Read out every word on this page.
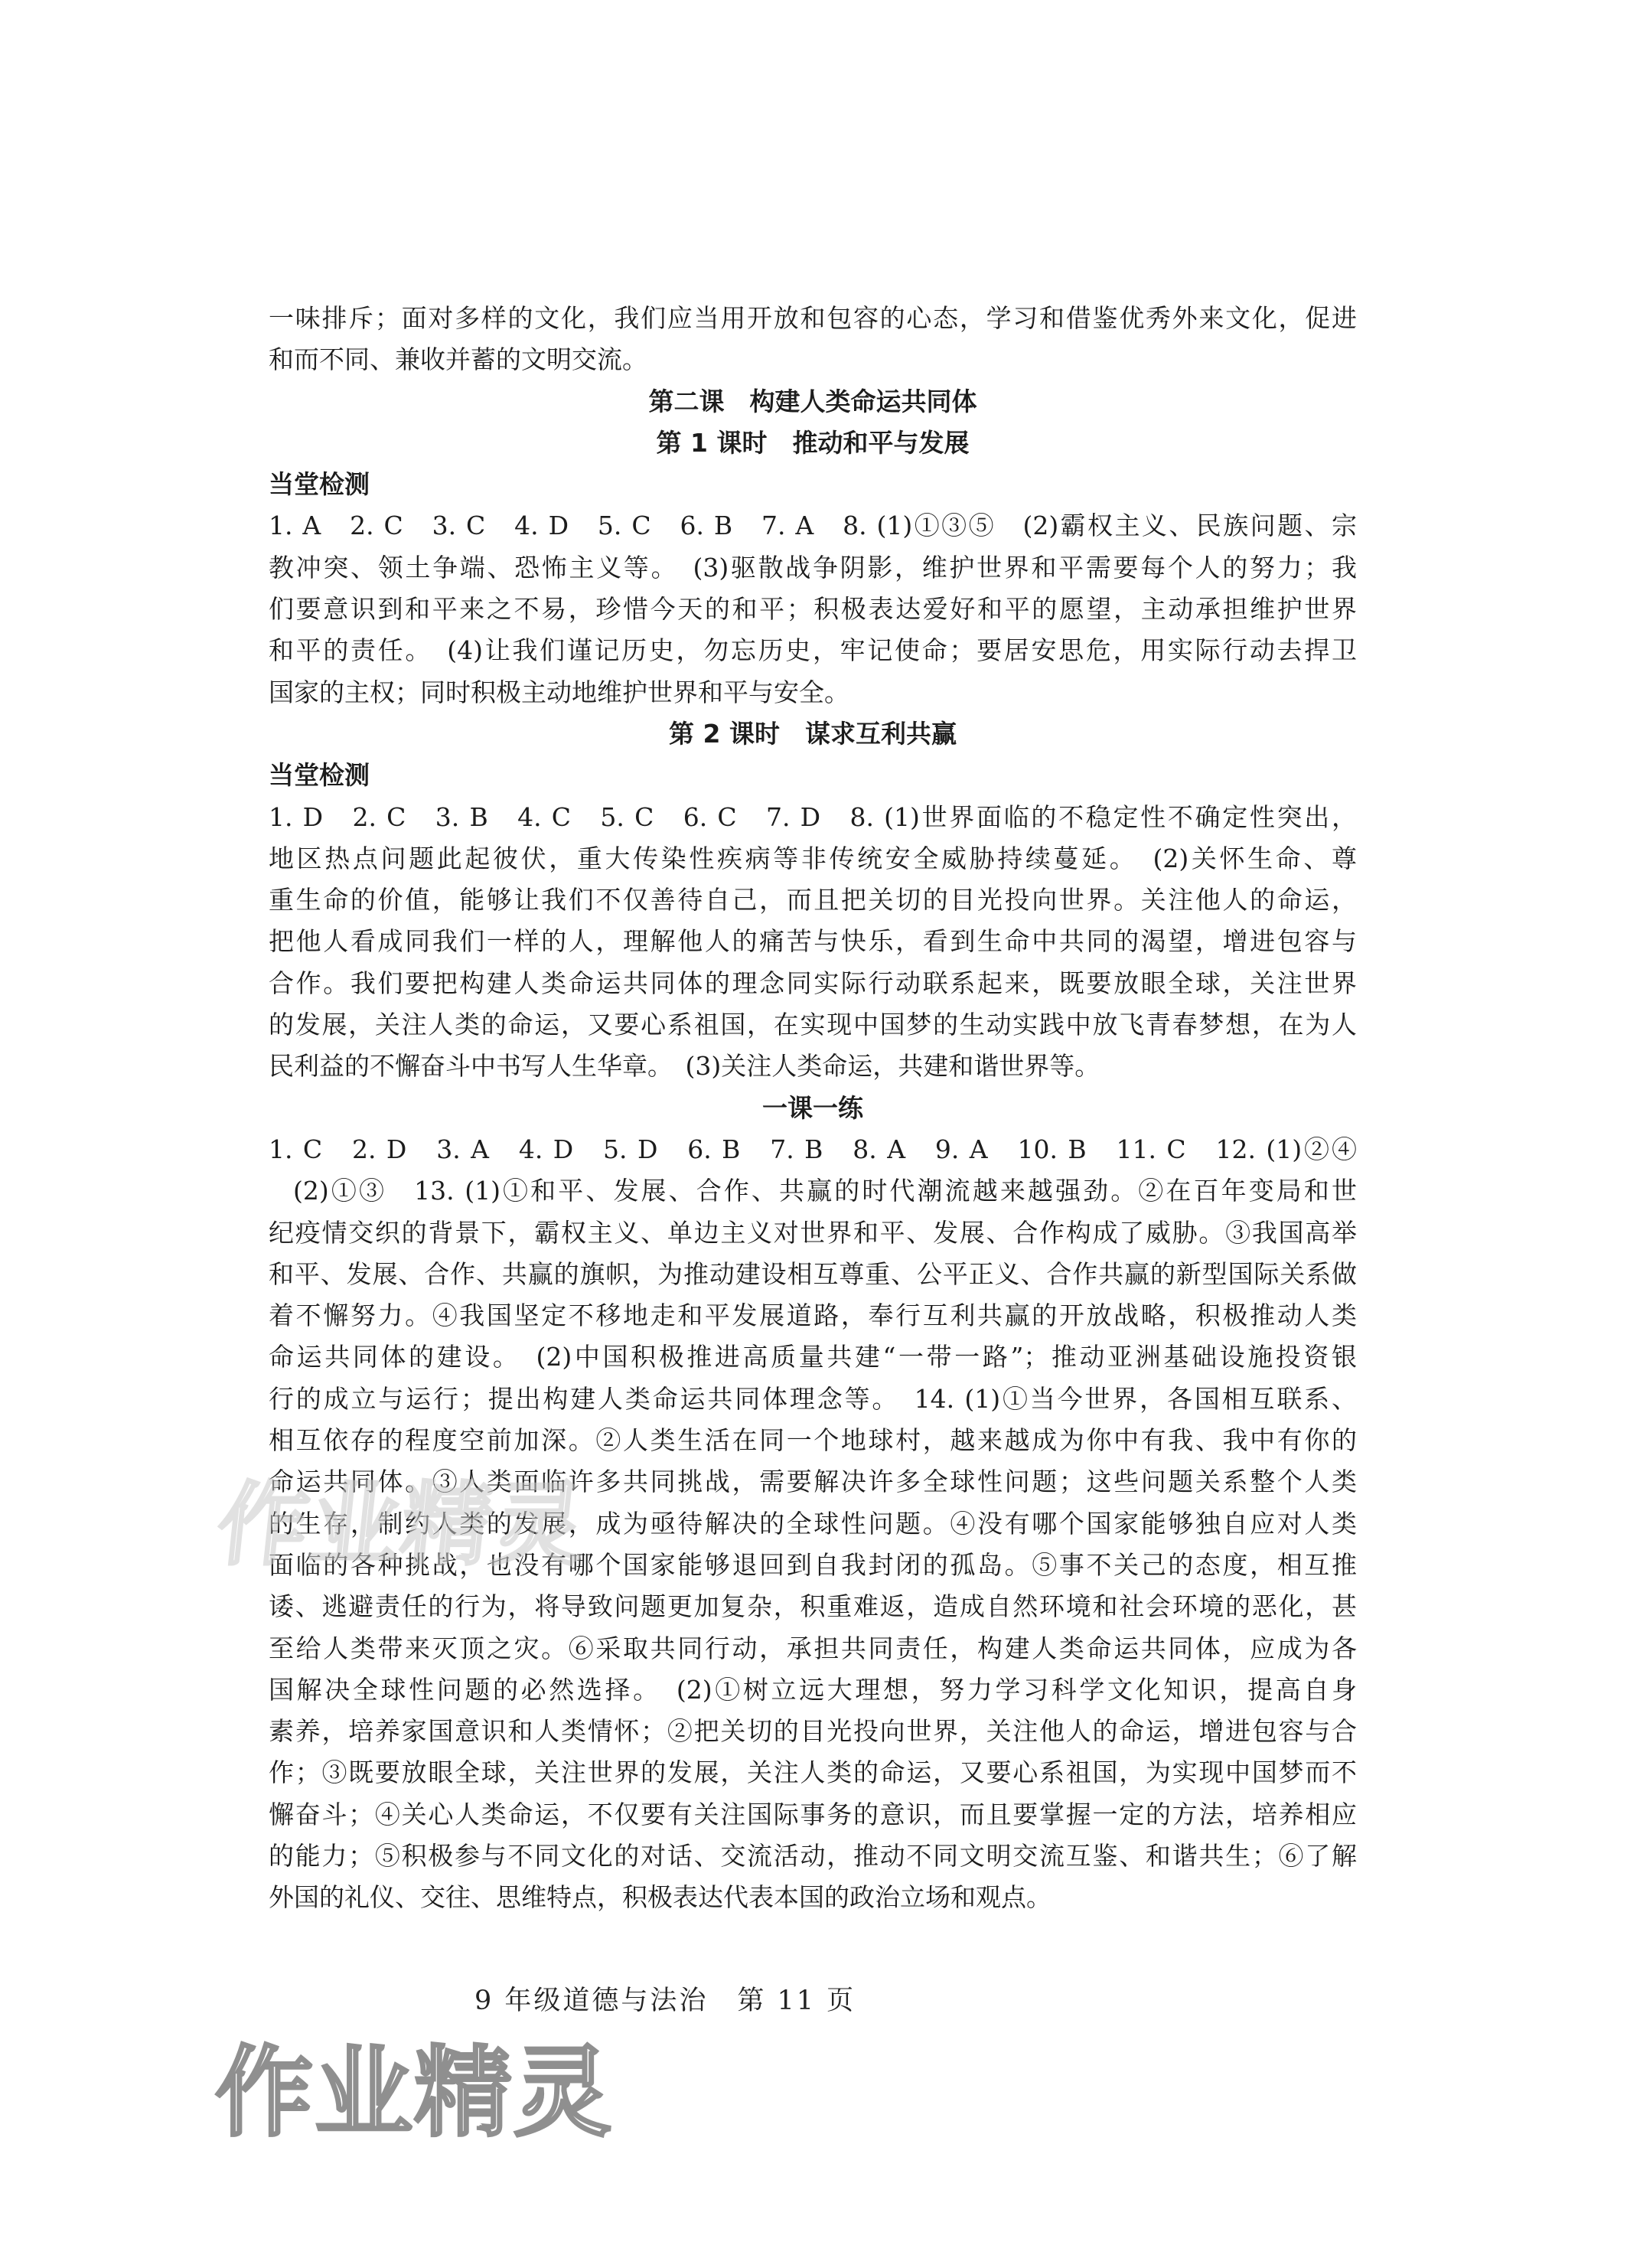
一味排斥；面对多样的文化，我们应当用开放和包容的心态，学习和借鉴优秀外来文化，促进
和而不同、兼收并蓄的文明交流。
第二课　构建人类命运共同体
第 1 课时　推动和平与发展
当堂检测
1. A　2. C　3. C　4. D　5. C　6. B　7. A　8. (1)①③⑤　(2)霸权主义、民族问题、宗
教冲突、领土争端、恐怖主义等。　(3)驱散战争阴影，维护世界和平需要每个人的努力；我
们要意识到和平来之不易，珍惜今天的和平；积极表达爱好和平的愿望，主动承担维护世界
和平的责任。　(4)让我们谨记历史，勿忘历史，牢记使命；要居安思危，用实际行动去捍卫
国家的主权；同时积极主动地维护世界和平与安全。
第 2 课时　谋求互利共赢
当堂检测
1. D　2. C　3. B　4. C　5. C　6. C　7. D　8. (1)世界面临的不稳定性不确定性突出，
地区热点问题此起彼伏，重大传染性疾病等非传统安全威胁持续蔓延。　(2)关怀生命、尊
重生命的价值，能够让我们不仅善待自己，而且把关切的目光投向世界。关注他人的命运，
把他人看成同我们一样的人，理解他人的痛苦与快乐，看到生命中共同的渴望，增进包容与
合作。我们要把构建人类命运共同体的理念同实际行动联系起来，既要放眼全球，关注世界
的发展，关注人类的命运，又要心系祖国，在实现中国梦的生动实践中放飞青春梦想，在为人
民利益的不懈奋斗中书写人生华章。　(3)关注人类命运，共建和谐世界等。
一课一练
1. C　2. D　3. A　4. D　5. D　6. B　7. B　8. A　9. A　10. B　11. C　12. (1)②④
(2)①③　13. (1)①和平、发展、合作、共赢的时代潮流越来越强劲。②在百年变局和世
纪疫情交织的背景下，霸权主义、单边主义对世界和平、发展、合作构成了威胁。③我国高举
和平、发展、合作、共赢的旗帜，为推动建设相互尊重、公平正义、合作共赢的新型国际关系做
着不懈努力。④我国坚定不移地走和平发展道路，奉行互利共赢的开放战略，积极推动人类
命运共同体的建设。　(2)中国积极推进高质量共建“一带一路”；推动亚洲基础设施投资银
行的成立与运行；提出构建人类命运共同体理念等。　14. (1)①当今世界，各国相互联系、
相互依存的程度空前加深。②人类生活在同一个地球村，越来越成为你中有我、我中有你的
命运共同体。③人类面临许多共同挑战，需要解决许多全球性问题；这些问题关系整个人类
的生存，制约人类的发展，成为亟待解决的全球性问题。④没有哪个国家能够独自应对人类
面临的各种挑战，也没有哪个国家能够退回到自我封闭的孤岛。⑤事不关己的态度，相互推
诿、逃避责任的行为，将导致问题更加复杂，积重难返，造成自然环境和社会环境的恶化，甚
至给人类带来灭顶之灾。⑥采取共同行动，承担共同责任，构建人类命运共同体，应成为各
国解决全球性问题的必然选择。　(2)①树立远大理想，努力学习科学文化知识，提高自身
素养，培养家国意识和人类情怀；②把关切的目光投向世界，关注他人的命运，增进包容与合
作；③既要放眼全球，关注世界的发展，关注人类的命运，又要心系祖国，为实现中国梦而不
懈奋斗；④关心人类命运，不仅要有关注国际事务的意识，而且要掌握一定的方法，培养相应
的能力；⑤积极参与不同文化的对话、交流活动，推动不同文明交流互鉴、和谐共生；⑥了解
外国的礼仪、交往、思维特点，积极表达代表本国的政治立场和观点。
作业精灵
9 年级道德与法治　第 11 页
作业精灵
